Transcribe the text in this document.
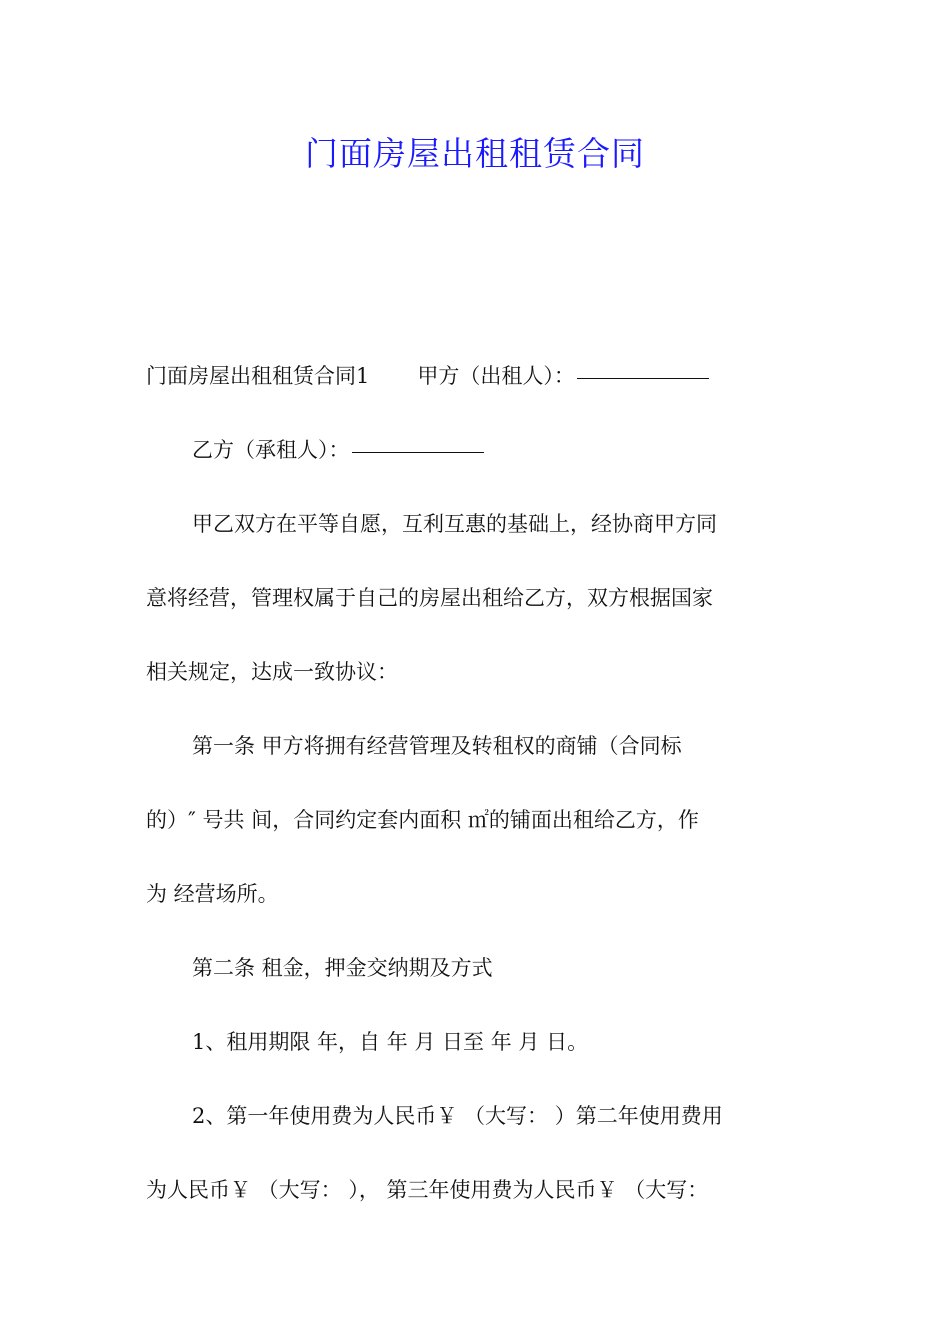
门面房屋出租租赁合同
门面房屋出租租赁合同1 甲方（出租人）：
乙方（承租人）：
甲乙双方在平等自愿，互利互惠的基础上，经协商甲方同
意将经营，管理权属于自己的房屋出租给乙方，双方根据国家
相关规定，达成一致协议：
第一条 甲方将拥有经营管理及转租权的商铺（合同标
的）″ 号共 间，合同约定套内面积 ㎡的铺面出租给乙方，作
为 经营场所。
第二条 租金，押金交纳期及方式
1、租用期限 年，自 年 月 日至 年 月 日。
2、第一年使用费为人民币￥ （大写： ）第二年使用费用
为人民币￥ （大写： ）， 第三年使用费为人民币￥ （大写：
